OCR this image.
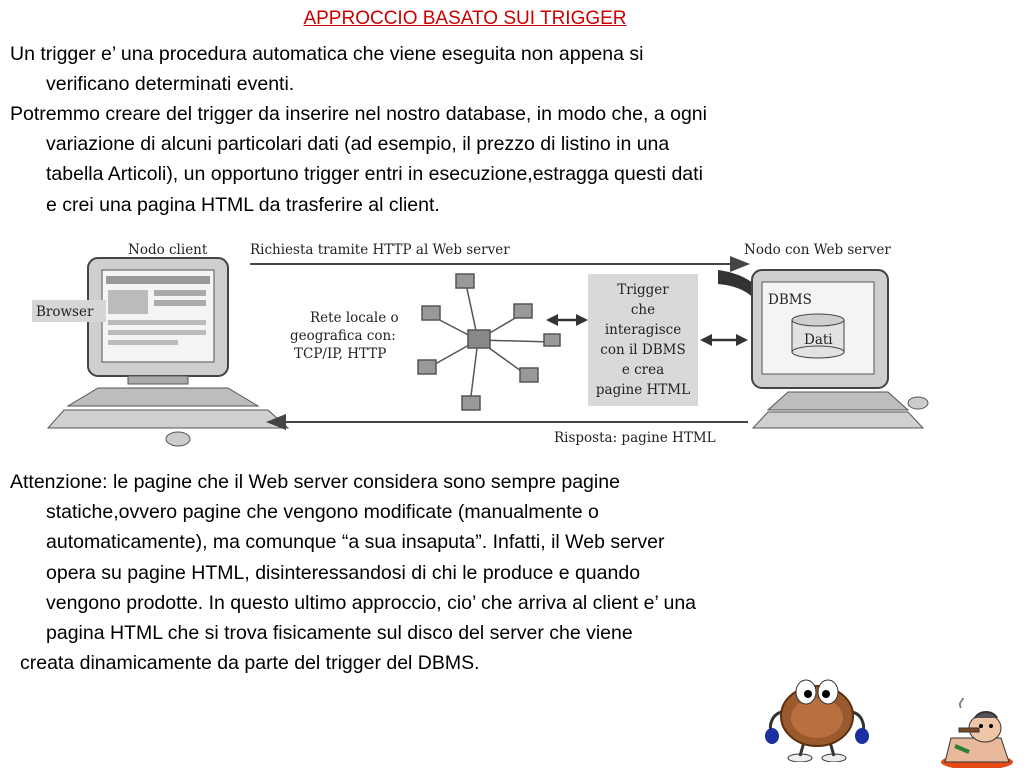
APPROCCIO BASATO SUI TRIGGER
Un trigger e’ una procedura automatica che viene eseguita non appena si
verificano determinati eventi.
Potremmo creare del trigger da inserire nel nostro database, in modo che, a ogni
variazione di alcuni particolari dati (ad esempio, il prezzo di listino in una
tabella Articoli), un opportuno trigger entri in esecuzione,estragga questi dati
e crei una pagina HTML da trasferire al client.
Nodo client
Browser
Richiesta tramite HTTP al Web server
Rete locale o
geografica con:
TCP/IP, HTTP
Trigger
che
interagisce
con il DBMS
e crea
pagine HTML
Nodo con Web server
DBMS
Dati
Risposta: pagine HTML
Attenzione: le pagine che il Web server considera sono sempre pagine
statiche,ovvero pagine che vengono modificate (manualmente o
automaticamente), ma comunque “a sua insaputa”. Infatti, il Web server
opera su pagine HTML, disinteressandosi di chi le produce e quando
vengono prodotte. In questo ultimo approccio, cio’ che arriva al client e’ una
pagina HTML che si trova fisicamente sul disco del server che viene
creata dinamicamente da parte del trigger del DBMS.
